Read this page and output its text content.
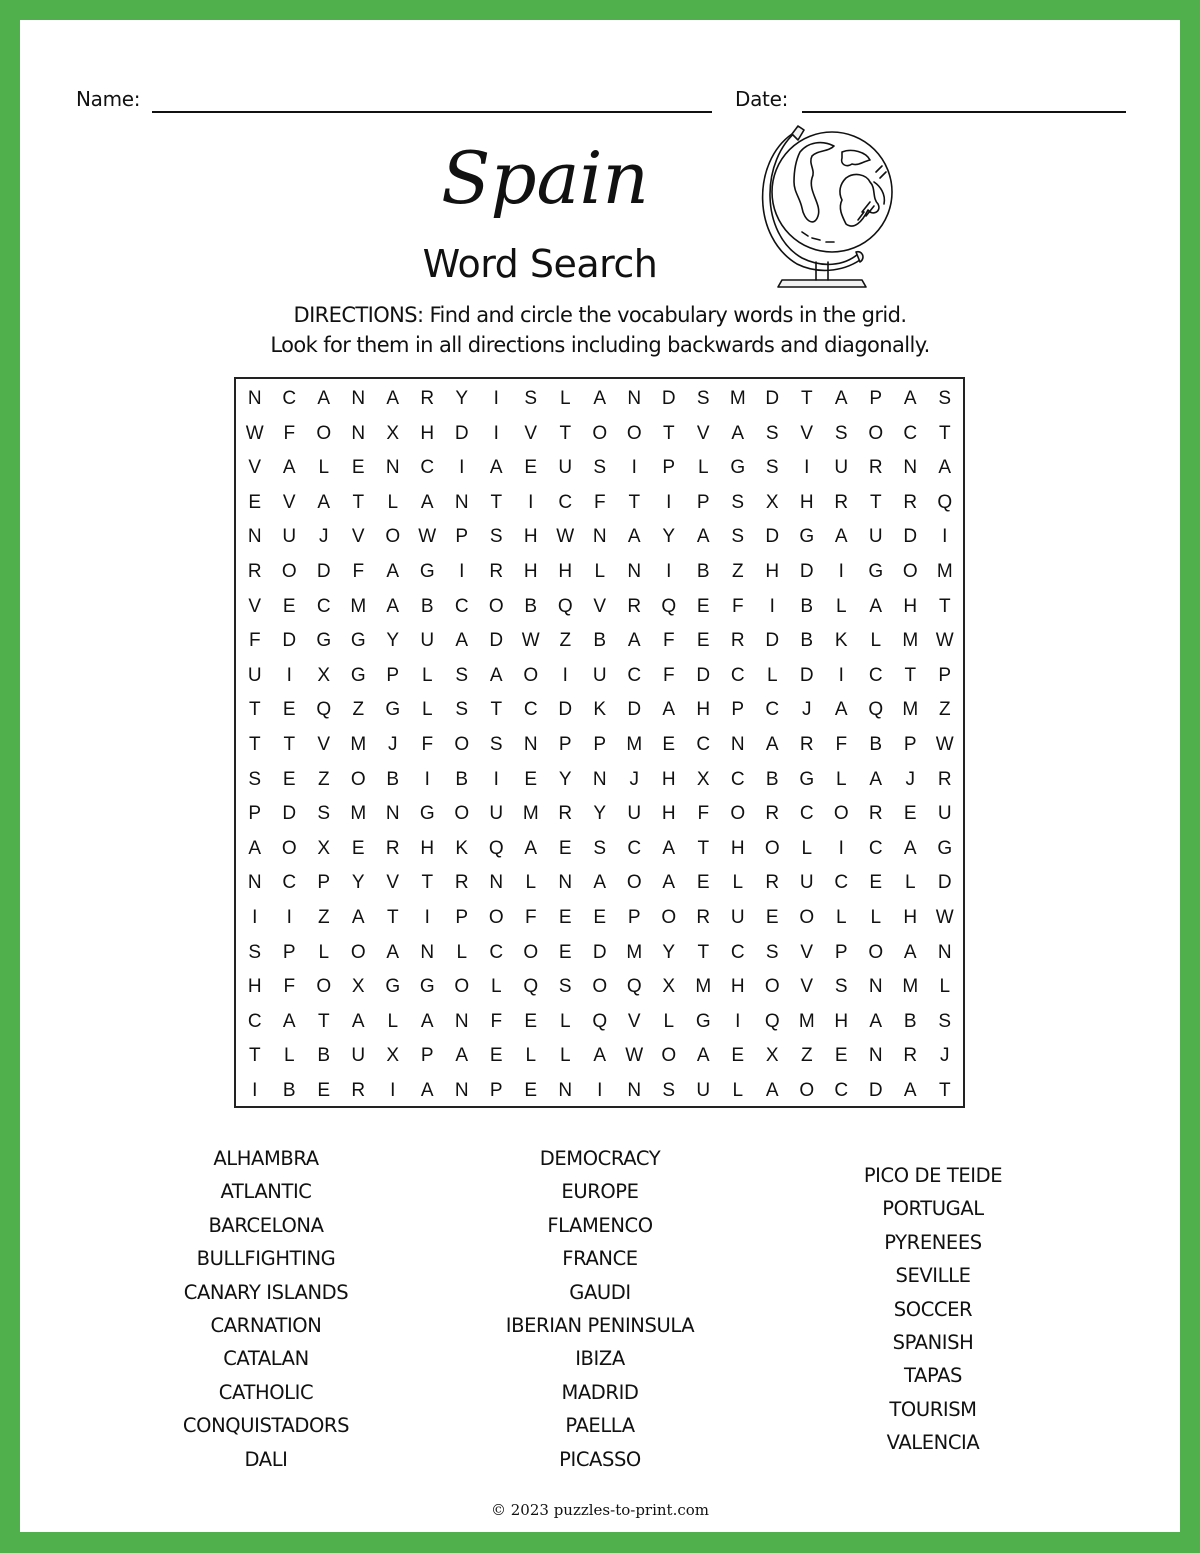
Name:	Date:
Spain
Word Search
DIRECTIONS: Find and circle the vocabulary words in the grid.
Look for them in all directions including backwards and diagonally.
N	C	A	N	A	R	Y	I	S	L	A	N	D	S	M	D	T	A	P	A	S
W	F	O	N	X	H	D	I	V	T	O	O	T	V	A	S	V	S	O	C	T
V	A	L	E	N	C	I	A	E	U	S	I	P	L	G	S	I	U	R	N	A
E	V	A	T	L	A	N	T	I	C	F	T	I	P	S	X	H	R	T	R	Q
N	U	J	V	O W	P	S	H W N	A	Y	A	S	D	G	A	U	D	I
R	O	D	F	A	G	I	R	H	H	L	N	I	B	Z	H	D	I	G	O	M
V	E	C	M	A	B	C	O	B	Q	V	R	Q	E	F	I	B	L	A	H	T
F	D	G	G	Y	U	A	D W	Z	B	A	F	E	R	D	B	K	L	M W
U	I	X	G	P	L	S	A	O	I	U	C	F	D	C	L	D	I	C	T	P
T	E	Q	Z	G	L	S	T	C	D	K	D	A	H	P	C	J	A	Q	M	Z
T	T	V	M	J	F	O	S	N	P	P	M	E	C	N	A	R	F	B	P	W
S	E	Z	O	B	I	B	I	E	Y	N	J	H	X	C	B	G	L	A	J	R
P	D	S	M	N	G	O	U	M	R	Y	U	H	F	O	R	C	O	R	E	U
A	O	X	E	R	H	K	Q	A	E	S	C	A	T	H	O	L	I	C	A	G
N	C	P	Y	V	T	R	N	L	N	A	O	A	E	L	R	U	C	E	L	D
I	I	Z	A	T	I	P	O	F	E	E	P	O	R	U	E	O	L	L	H W
S	P	L	O	A	N	L	C	O	E	D	M	Y	T	C	S	V	P	O	A	N
H	F	O	X	G	G	O	L	Q	S	O	Q	X	M	H	O	V	S	N	M	L
C	A	T	A	L	A	N	F	E	L	Q	V	L	G	I	Q	M	H	A	B	S
T	L	B	U	X	P	A	E	L	L	A	W O	A	E	X	Z	E	N	R	J
I	B	E	R	I	A	N	P	E	N	I	N	S	U	L	A	O	C	D	A	T
ALHAMBRA
ATLANTIC
BARCELONA
BULLFIGHTING
CANARY ISLANDS
CARNATION
CATALAN
CATHOLIC
CONQUISTADORS
DALI
DEMOCRACY
EUROPE
FLAMENCO
FRANCE
GAUDI
IBERIAN PENINSULA
IBIZA
MADRID
PAELLA
PICASSO
PICO DE TEIDE
PORTUGAL
PYRENEES
SEVILLE
SOCCER
SPANISH
TAPAS
TOURISM
VALENCIA
© 2023 puzzles-to-print.com
